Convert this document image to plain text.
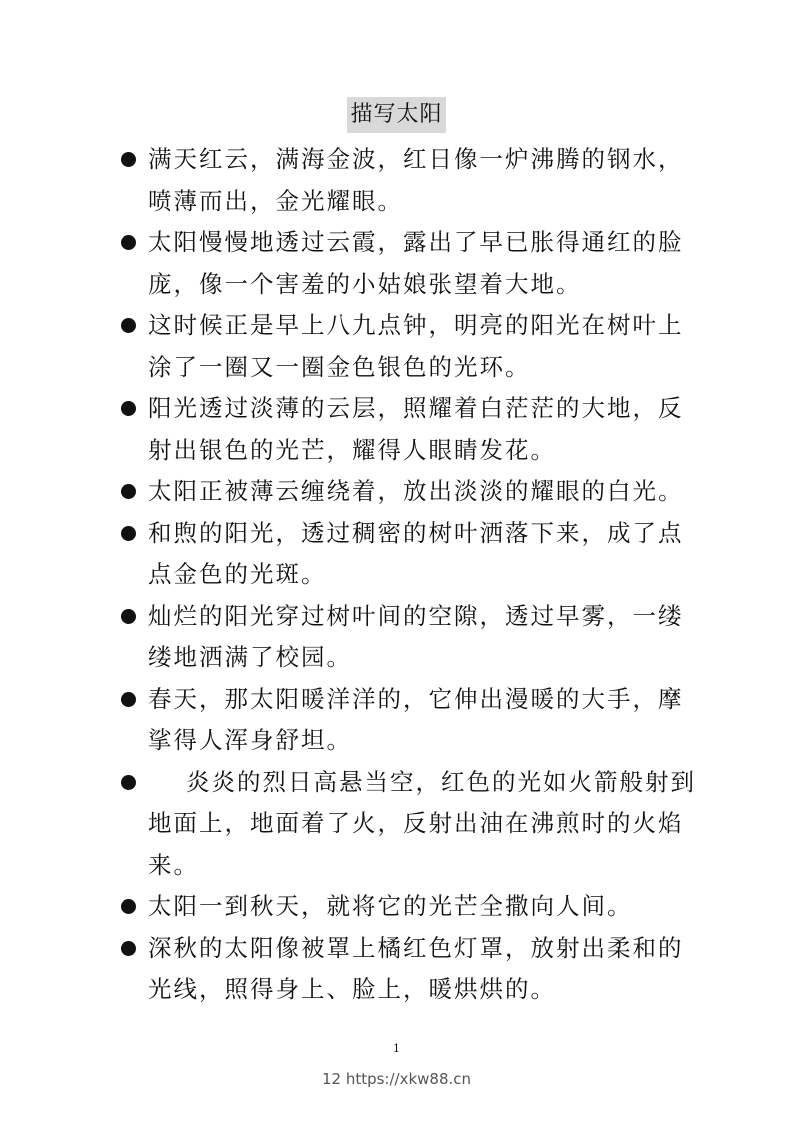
描写太阳
满天红云，满海金波，红日像一炉沸腾的钢水，喷薄而出，金光耀眼。
太阳慢慢地透过云霞，露出了早已胀得通红的脸庞，像一个害羞的小姑娘张望着大地。
这时候正是早上八九点钟，明亮的阳光在树叶上涂了一圈又一圈金色银色的光环。
阳光透过淡薄的云层，照耀着白茫茫的大地，反射出银色的光芒，耀得人眼睛发花。
太阳正被薄云缠绕着，放出淡淡的耀眼的白光。
和煦的阳光，透过稠密的树叶洒落下来，成了点点金色的光斑。
灿烂的阳光穿过树叶间的空隙，透过早雾，一缕缕地洒满了校园。
春天，那太阳暖洋洋的，它伸出漫暖的大手，摩挲得人浑身舒坦。
炎炎的烈日高悬当空，红色的光如火箭般射到地面上，地面着了火，反射出油在沸煎时的火焰来。
太阳一到秋天，就将它的光芒全撒向人间。
深秋的太阳像被罩上橘红色灯罩，放射出柔和的光线，照得身上、脸上，暖烘烘的。
1
12 https://xkw88.cn
